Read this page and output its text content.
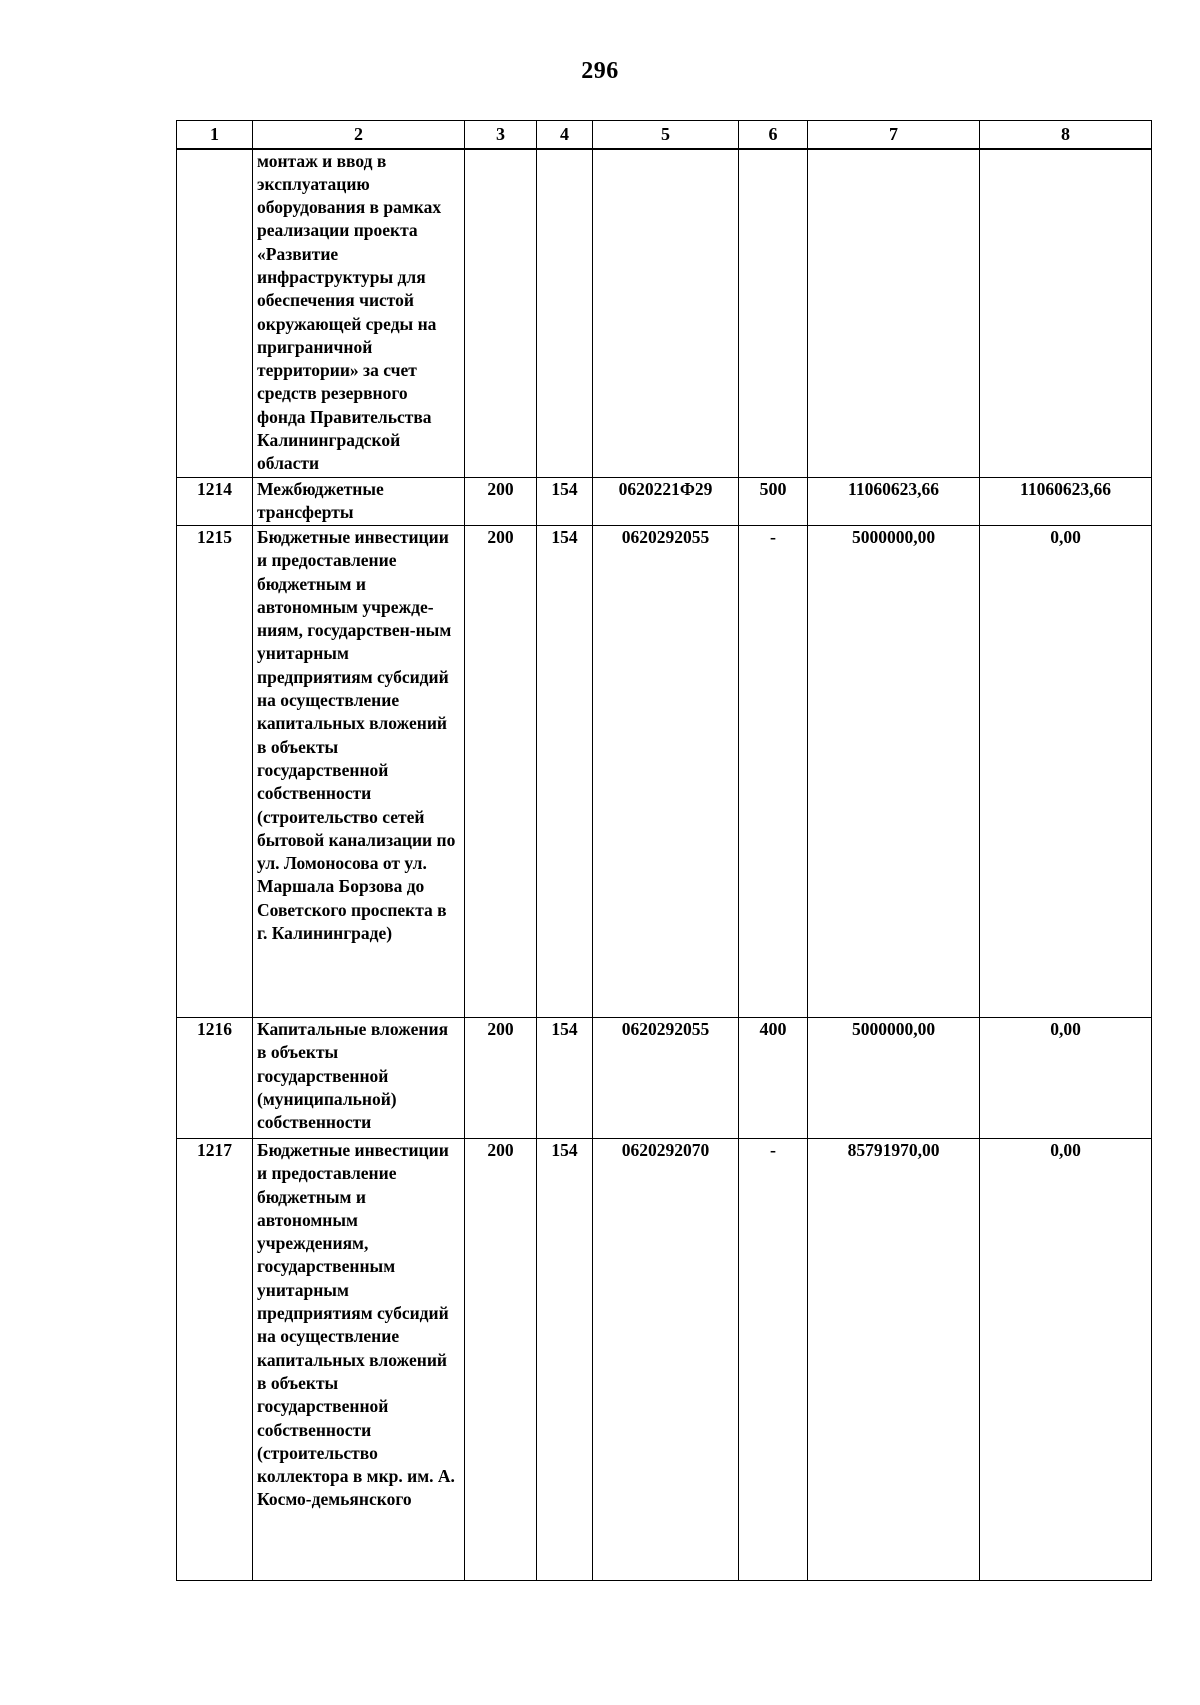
296
1	2	3	4	5	6	7	8
	монтаж и ввод в эксплуатацию оборудования в рамках реализации проекта «Развитие инфраструктуры для обеспечения чистой окружающей среды на приграничной территории» за счет средств резервного фонда Правительства Калининградской области						
1214	Межбюджетные трансферты	200	154	0620221Ф29	500	11060623,66	11060623,66
1215	Бюджетные инвестиции и предоставление бюджетным и автономным учрежде-ниям, государствен-ным унитарным предприятиям субсидий на осуществление капитальных вложений в объекты государственной собственности (строительство сетей бытовой канализации по ул. Ломоносова от ул. Маршала Борзова до Советского проспекта в г. Калининграде)	200	154	0620292055	-	5000000,00	0,00
1216	Капитальные вложения в объекты государственной (муниципальной) собственности	200	154	0620292055	400	5000000,00	0,00
1217	Бюджетные инвестиции и предоставление бюджетным и автономным учреждениям, государственным унитарным предприятиям субсидий на осуществление капитальных вложений в объекты государственной собственности (строительство коллектора в мкр. им. А. Космо-демьянского	200	154	0620292070	-	85791970,00	0,00
